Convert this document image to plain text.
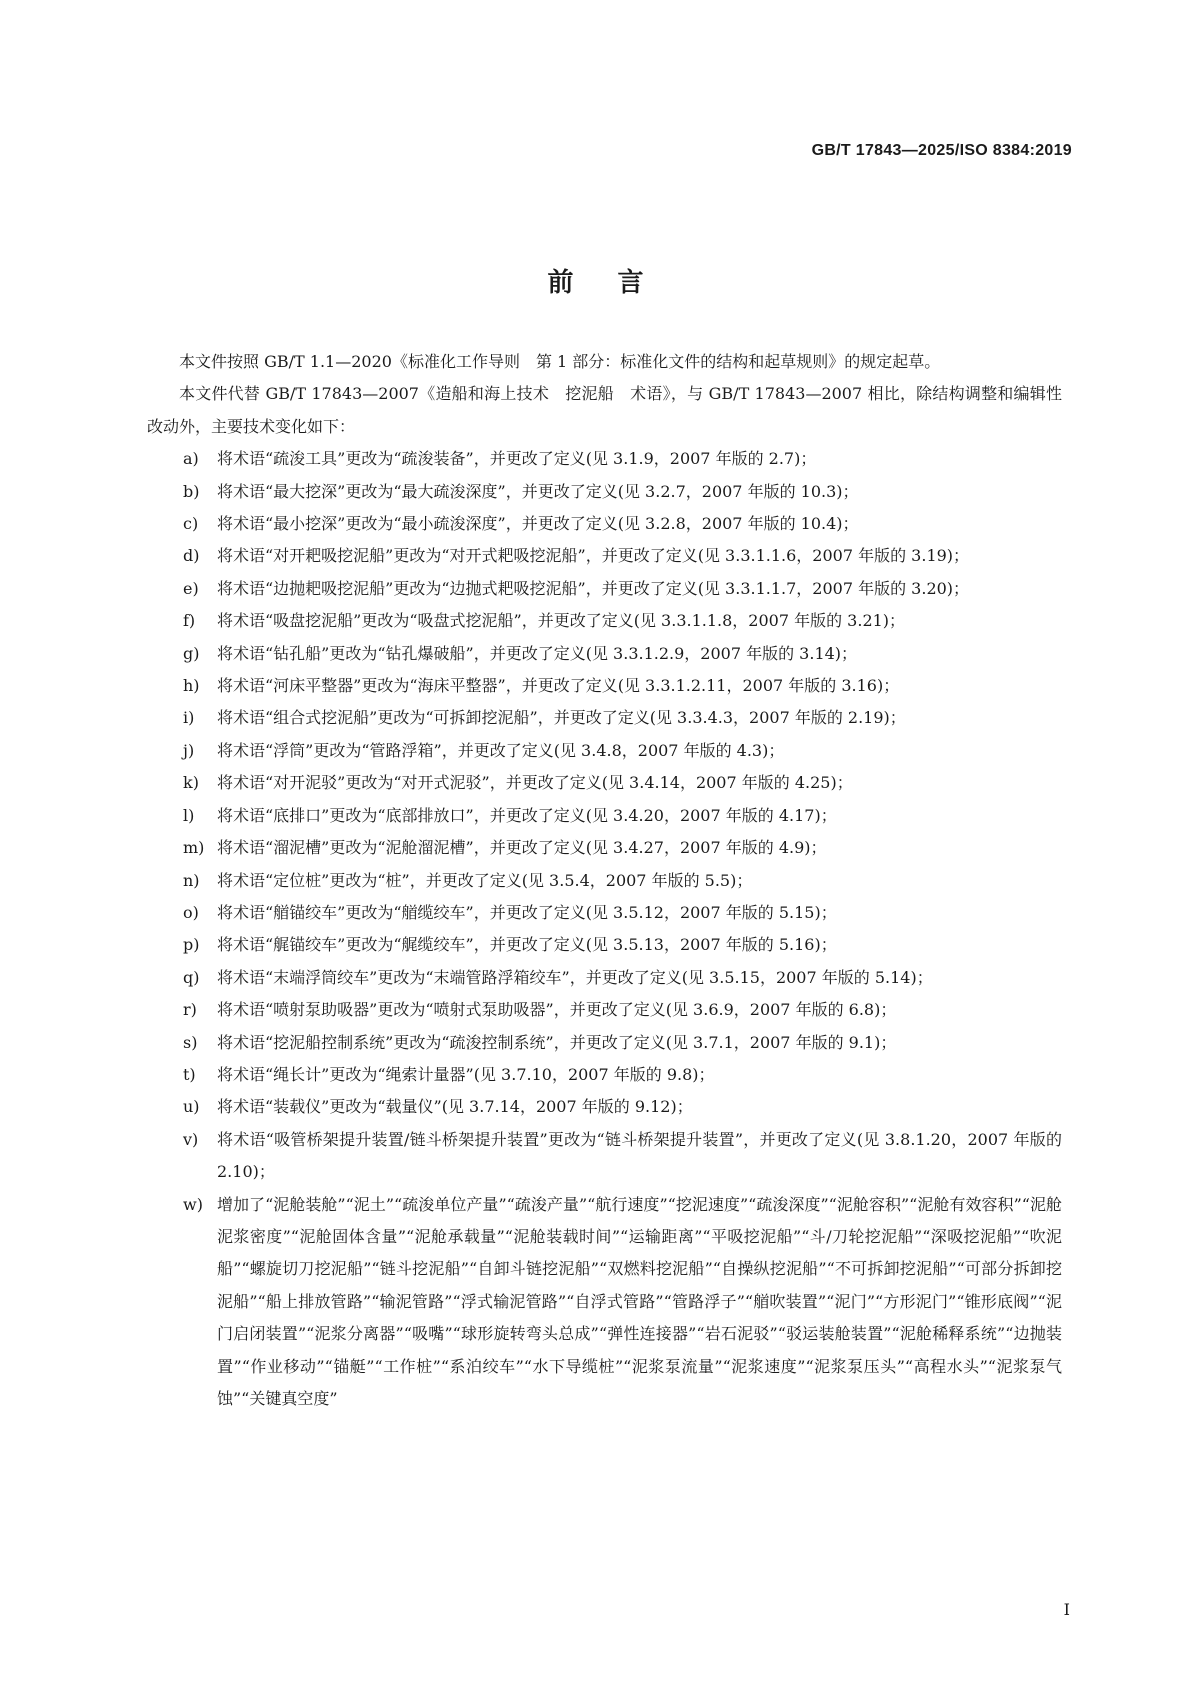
GB/T 17843—2025/ISO 8384:2019
前言

本文件按照 GB/T 1.1—2020《标准化工作导则　第 1 部分：标准化文件的结构和起草规则》的规定起草。

本文件代替 GB/T 17843—2007《造船和海上技术　挖泥船　术语》，与 GB/T 17843—2007 相比，除结构调整和编辑性改动外，主要技术变化如下：

a) 将术语“疏浚工具”更改为“疏浚装备”，并更改了定义(见 3.1.9，2007 年版的 2.7)；
b) 将术语“最大挖深”更改为“最大疏浚深度”，并更改了定义(见 3.2.7，2007 年版的 10.3)；
c) 将术语“最小挖深”更改为“最小疏浚深度”，并更改了定义(见 3.2.8，2007 年版的 10.4)；
d) 将术语“对开耙吸挖泥船”更改为“对开式耙吸挖泥船”，并更改了定义(见 3.3.1.1.6，2007 年版的 3.19)；
e) 将术语“边抛耙吸挖泥船”更改为“边抛式耙吸挖泥船”，并更改了定义(见 3.3.1.1.7，2007 年版的 3.20)；
f) 将术语“吸盘挖泥船”更改为“吸盘式挖泥船”，并更改了定义(见 3.3.1.1.8，2007 年版的 3.21)；
g) 将术语“钻孔船”更改为“钻孔爆破船”，并更改了定义(见 3.3.1.2.9，2007 年版的 3.14)；
h) 将术语“河床平整器”更改为“海床平整器”，并更改了定义(见 3.3.1.2.11，2007 年版的 3.16)；
i) 将术语“组合式挖泥船”更改为“可拆卸挖泥船”，并更改了定义(见 3.3.4.3，2007 年版的 2.19)；
j) 将术语“浮筒”更改为“管路浮箱”，并更改了定义(见 3.4.8，2007 年版的 4.3)；
k) 将术语“对开泥驳”更改为“对开式泥驳”，并更改了定义(见 3.4.14，2007 年版的 4.25)；
l) 将术语“底排口”更改为“底部排放口”，并更改了定义(见 3.4.20，2007 年版的 4.17)；
m) 将术语“溜泥槽”更改为“泥舱溜泥槽”，并更改了定义(见 3.4.27，2007 年版的 4.9)；
n) 将术语“定位桩”更改为“桩”，并更改了定义(见 3.5.4，2007 年版的 5.5)；
o) 将术语“艏锚绞车”更改为“艏缆绞车”，并更改了定义(见 3.5.12，2007 年版的 5.15)；
p) 将术语“艉锚绞车”更改为“艉缆绞车”，并更改了定义(见 3.5.13，2007 年版的 5.16)；
q) 将术语“末端浮筒绞车”更改为“末端管路浮箱绞车”，并更改了定义(见 3.5.15，2007 年版的 5.14)；
r) 将术语“喷射泵助吸器”更改为“喷射式泵助吸器”，并更改了定义(见 3.6.9，2007 年版的 6.8)；
s) 将术语“挖泥船控制系统”更改为“疏浚控制系统”，并更改了定义(见 3.7.1，2007 年版的 9.1)；
t) 将术语“绳长计”更改为“绳索计量器”(见 3.7.10，2007 年版的 9.8)；
u) 将术语“装载仪”更改为“载量仪”(见 3.7.14，2007 年版的 9.12)；
v) 将术语“吸管桥架提升装置/链斗桥架提升装置”更改为“链斗桥架提升装置”，并更改了定义(见 3.8.1.20，2007 年版的 2.10)；
w) 增加了“泥舱装舱”“泥土”“疏浚单位产量”“疏浚产量”“航行速度”“挖泥速度”“疏浚深度”“泥舱容积”“泥舱有效容积”“泥舱泥浆密度”“泥舱固体含量”“泥舱承载量”“泥舱装载时间”“运输距离”“平吸挖泥船”“斗/刀轮挖泥船”“深吸挖泥船”“吹泥船”“螺旋切刀挖泥船”“链斗挖泥船”“自卸斗链挖泥船”“双燃料挖泥船”“自操纵挖泥船”“不可拆卸挖泥船”“可部分拆卸挖泥船”“船上排放管路”“输泥管路”“浮式输泥管路”“自浮式管路”“管路浮子”“艏吹装置”“泥门”“方形泥门”“锥形底阀”“泥门启闭装置”“泥浆分离器”“吸嘴”“球形旋转弯头总成”“弹性连接器”“岩石泥驳”“驳运装舱装置”“泥舱稀释系统”“边抛装置”“作业移动”“锚艇”“工作桩”“系泊绞车”“水下导缆桩”“泥浆泵流量”“泥浆速度”“泥浆泵压头”“高程水头”“泥浆泵气蚀”“关键真空度”
I
